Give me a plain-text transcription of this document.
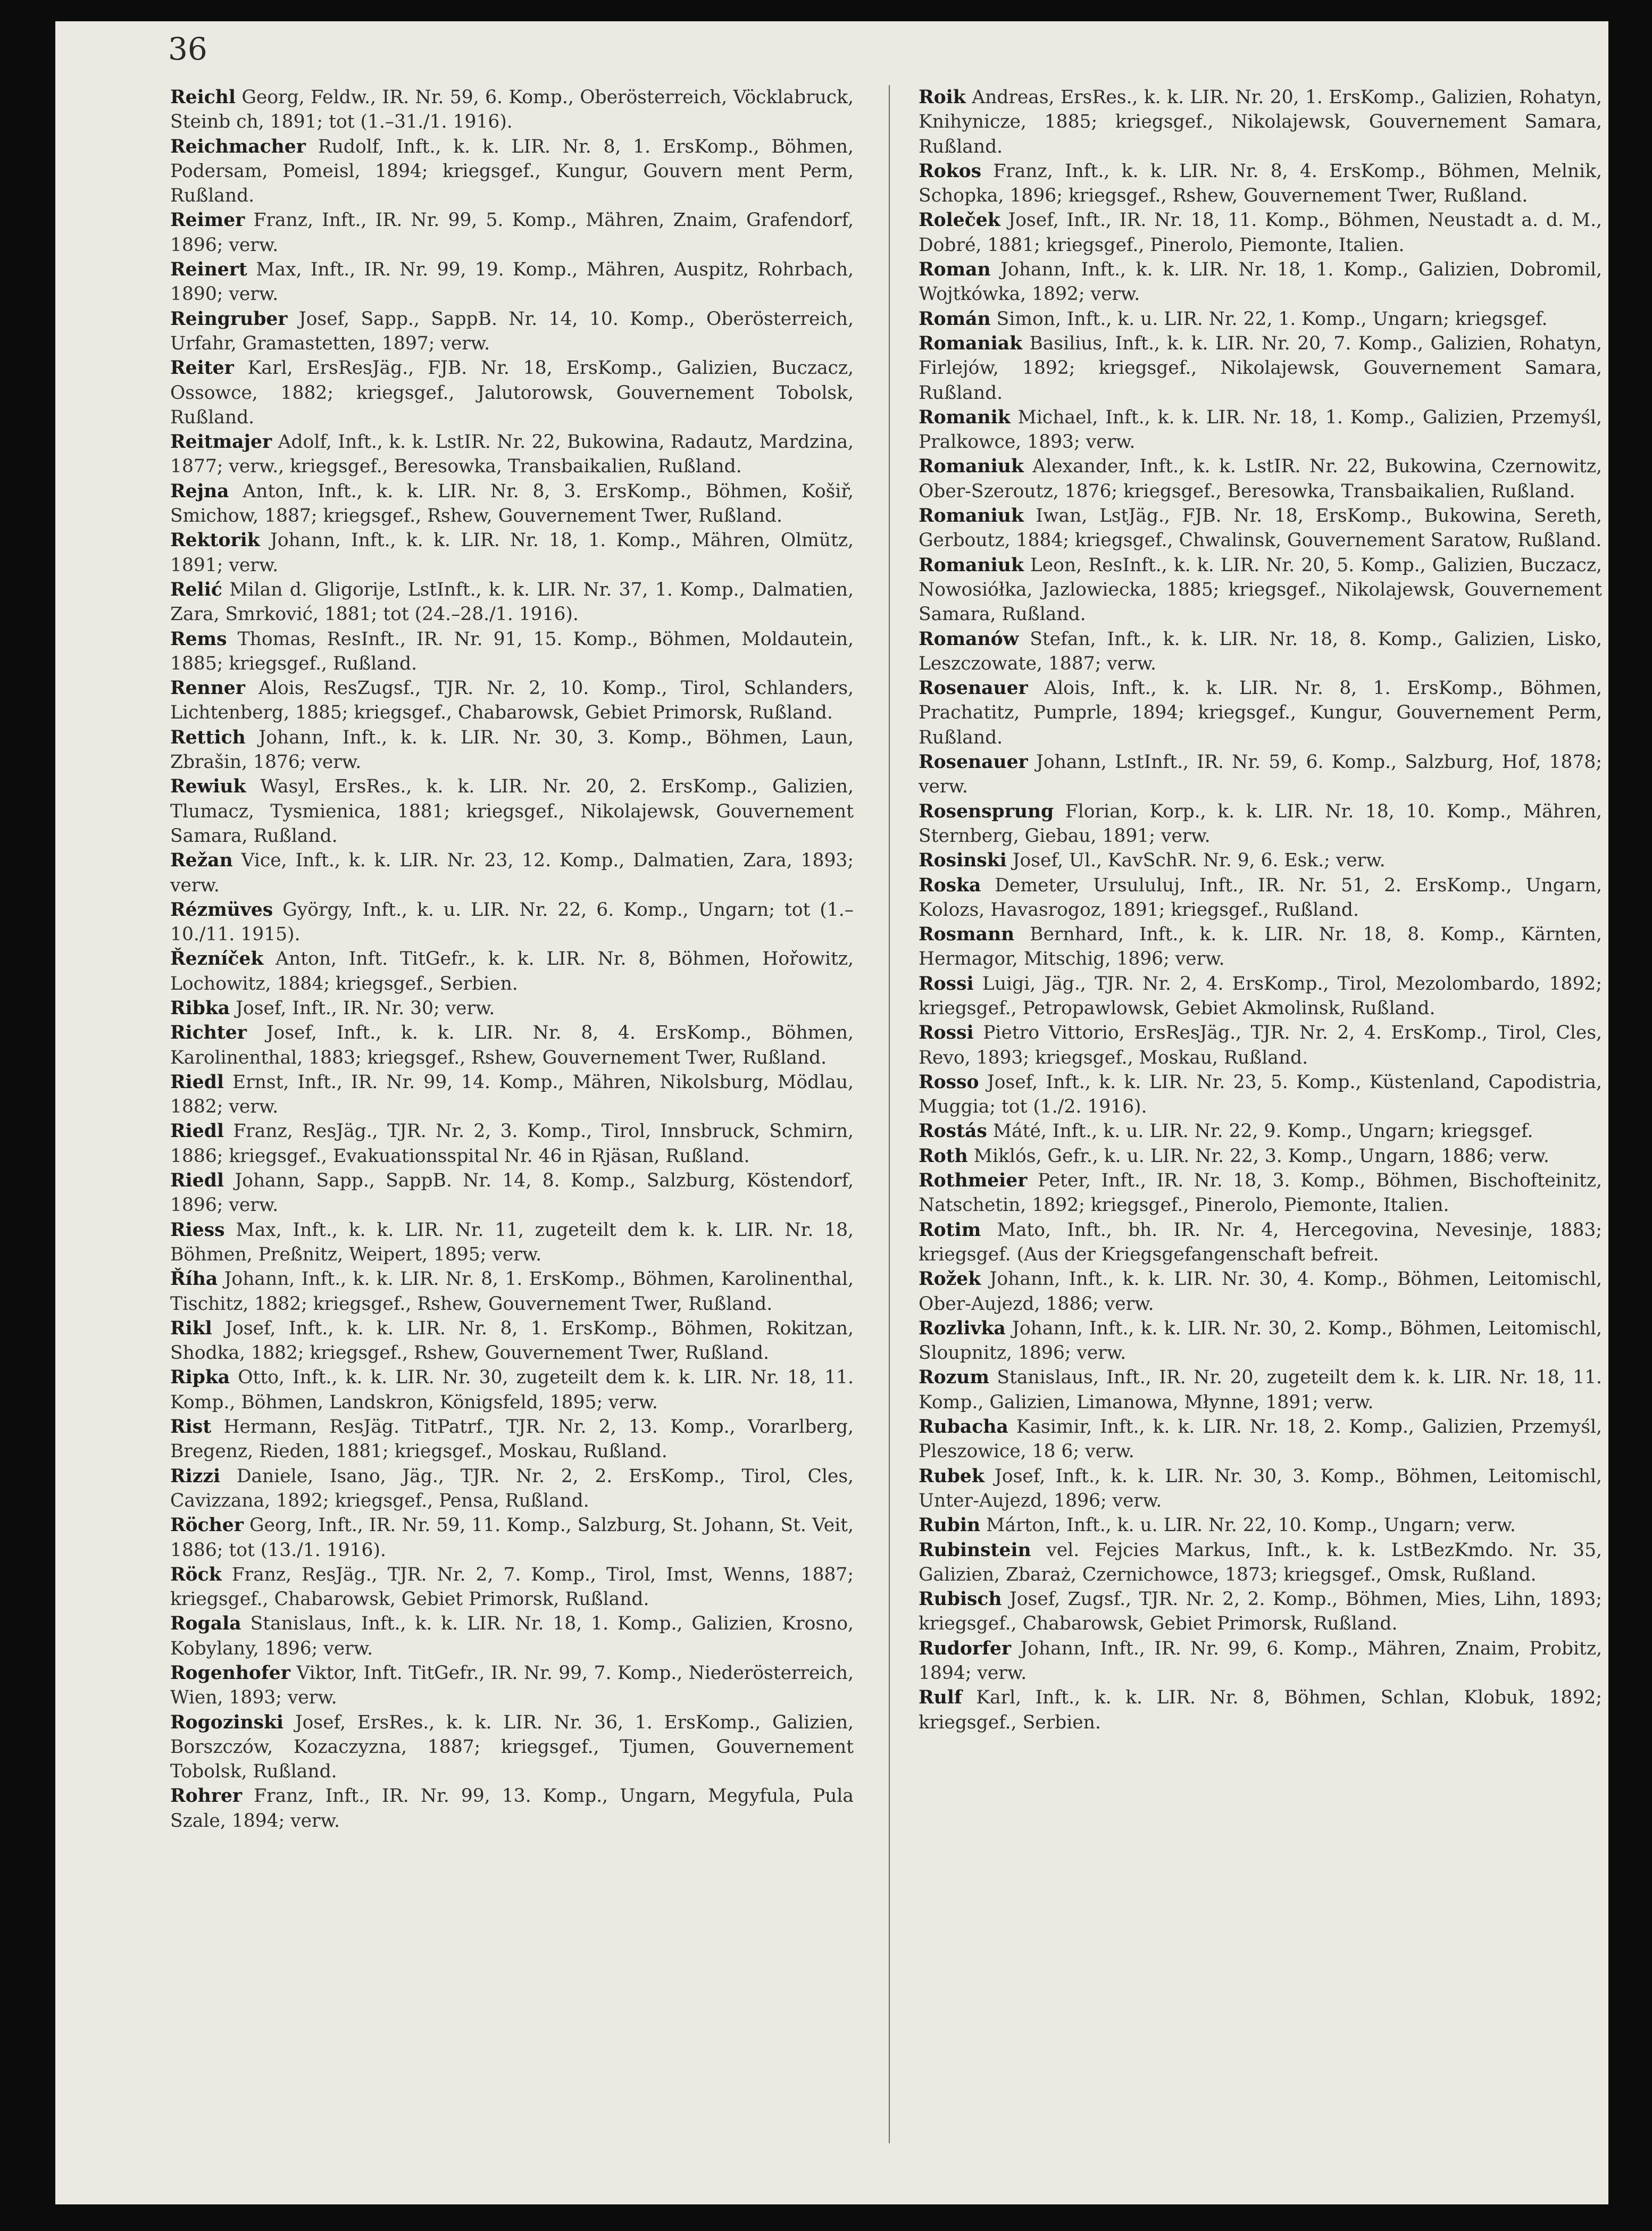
36
Reichl Georg, Feldw., IR. Nr. 59, 6. Komp., Oberösterreich, Vöcklabruck, Steinb ch, 1891; tot (1.–31./1. 1916).
Reichmacher Rudolf, Inft., k. k. LIR. Nr. 8, 1. ErsKomp., Böhmen, Podersam, Pomeisl, 1894; kriegsgef., Kungur, Gouvern ment Perm, Rußland.
Reimer Franz, Inft., IR. Nr. 99, 5. Komp., Mähren, Znaim, Grafendorf, 1896; verw.
Reinert Max, Inft., IR. Nr. 99, 19. Komp., Mähren, Auspitz, Rohrbach, 1890; verw.
Reingruber Josef, Sapp., SappB. Nr. 14, 10. Komp., Oberösterreich, Urfahr, Gramastetten, 1897; verw.
Reiter Karl, ErsResJäg., FJB. Nr. 18, ErsKomp., Galizien, Buczacz, Ossowce, 1882; kriegsgef., Jalutorowsk, Gouvernement Tobolsk, Rußland.
Reitmajer Adolf, Inft., k. k. LstIR. Nr. 22, Bukowina, Radautz, Mardzina, 1877; verw., kriegsgef., Beresowka, Transbaikalien, Rußland.
Rejna Anton, Inft., k. k. LIR. Nr. 8, 3. ErsKomp., Böhmen, Košiř, Smichow, 1887; kriegsgef., Rshew, Gouvernement Twer, Rußland.
Rektorik Johann, Inft., k. k. LIR. Nr. 18, 1. Komp., Mähren, Olmütz, 1891; verw.
Relić Milan d. Gligorije, LstInft., k. k. LIR. Nr. 37, 1. Komp., Dalmatien, Zara, Smrković, 1881; tot (24.–28./1. 1916).
Rems Thomas, ResInft., IR. Nr. 91, 15. Komp., Böhmen, Moldautein, 1885; kriegsgef., Rußland.
Renner Alois, ResZugsf., TJR. Nr. 2, 10. Komp., Tirol, Schlanders, Lichtenberg, 1885; kriegsgef., Chabarowsk, Gebiet Primorsk, Rußland.
Rettich Johann, Inft., k. k. LIR. Nr. 30, 3. Komp., Böhmen, Laun, Zbrašin, 1876; verw.
Rewiuk Wasyl, ErsRes., k. k. LIR. Nr. 20, 2. ErsKomp., Galizien, Tlumacz, Tysmienica, 1881; kriegsgef., Nikolajewsk, Gouvernement Samara, Rußland.
Režan Vice, Inft., k. k. LIR. Nr. 23, 12. Komp., Dalmatien, Zara, 1893; verw.
Rézmüves György, Inft., k. u. LIR. Nr. 22, 6. Komp., Ungarn; tot (1.–10./11. 1915).
Řezníček Anton, Inft. TitGefr., k. k. LIR. Nr. 8, Böhmen, Hořowitz, Lochowitz, 1884; kriegsgef., Serbien.
Ribka Josef, Inft., IR. Nr. 30; verw.
Richter Josef, Inft., k. k. LIR. Nr. 8, 4. ErsKomp., Böhmen, Karolinenthal, 1883; kriegsgef., Rshew, Gouvernement Twer, Rußland.
Riedl Ernst, Inft., IR. Nr. 99, 14. Komp., Mähren, Nikolsburg, Mödlau, 1882; verw.
Riedl Franz, ResJäg., TJR. Nr. 2, 3. Komp., Tirol, Innsbruck, Schmirn, 1886; kriegsgef., Evakuationsspital Nr. 46 in Rjäsan, Rußland.
Riedl Johann, Sapp., SappB. Nr. 14, 8. Komp., Salzburg, Köstendorf, 1896; verw.
Riess Max, Inft., k. k. LIR. Nr. 11, zugeteilt dem k. k. LIR. Nr. 18, Böhmen, Preßnitz, Weipert, 1895; verw.
Říha Johann, Inft., k. k. LIR. Nr. 8, 1. ErsKomp., Böhmen, Karolinenthal, Tischitz, 1882; kriegsgef., Rshew, Gouvernement Twer, Rußland.
Rikl Josef, Inft., k. k. LIR. Nr. 8, 1. ErsKomp., Böhmen, Rokitzan, Shodka, 1882; kriegsgef., Rshew, Gouvernement Twer, Rußland.
Ripka Otto, Inft., k. k. LIR. Nr. 30, zugeteilt dem k. k. LIR. Nr. 18, 11. Komp., Böhmen, Landskron, Königsfeld, 1895; verw.
Rist Hermann, ResJäg. TitPatrf., TJR. Nr. 2, 13. Komp., Vorarlberg, Bregenz, Rieden, 1881; kriegsgef., Moskau, Rußland.
Rizzi Daniele, Isano, Jäg., TJR. Nr. 2, 2. ErsKomp., Tirol, Cles, Cavizzana, 1892; kriegsgef., Pensa, Rußland.
Röcher Georg, Inft., IR. Nr. 59, 11. Komp., Salzburg, St. Johann, St. Veit, 1886; tot (13./1. 1916).
Röck Franz, ResJäg., TJR. Nr. 2, 7. Komp., Tirol, Imst, Wenns, 1887; kriegsgef., Chabarowsk, Gebiet Primorsk, Rußland.
Rogala Stanislaus, Inft., k. k. LIR. Nr. 18, 1. Komp., Galizien, Krosno, Kobylany, 1896; verw.
Rogenhofer Viktor, Inft. TitGefr., IR. Nr. 99, 7. Komp., Niederösterreich, Wien, 1893; verw.
Rogozinski Josef, ErsRes., k. k. LIR. Nr. 36, 1. ErsKomp., Galizien, Borszczów, Kozaczyzna, 1887; kriegsgef., Tjumen, Gouvernement Tobolsk, Rußland.
Rohrer Franz, Inft., IR. Nr. 99, 13. Komp., Ungarn, Megyfula, Pula Szale, 1894; verw.
Roik Andreas, ErsRes., k. k. LIR. Nr. 20, 1. ErsKomp., Galizien, Rohatyn, Knihynicze, 1885; kriegsgef., Nikolajewsk, Gouvernement Samara, Rußland.
Rokos Franz, Inft., k. k. LIR. Nr. 8, 4. ErsKomp., Böhmen, Melnik, Schopka, 1896; kriegsgef., Rshew, Gouvernement Twer, Rußland.
Roleček Josef, Inft., IR. Nr. 18, 11. Komp., Böhmen, Neustadt a. d. M., Dobré, 1881; kriegsgef., Pinerolo, Piemonte, Italien.
Roman Johann, Inft., k. k. LIR. Nr. 18, 1. Komp., Galizien, Dobromil, Wojtkówka, 1892; verw.
Román Simon, Inft., k. u. LIR. Nr. 22, 1. Komp., Ungarn; kriegsgef.
Romaniak Basilius, Inft., k. k. LIR. Nr. 20, 7. Komp., Galizien, Rohatyn, Firlejów, 1892; kriegsgef., Nikolajewsk, Gouvernement Samara, Rußland.
Romanik Michael, Inft., k. k. LIR. Nr. 18, 1. Komp., Galizien, Przemyśl, Pralkowce, 1893; verw.
Romaniuk Alexander, Inft., k. k. LstIR. Nr. 22, Bukowina, Czernowitz, Ober-Szeroutz, 1876; kriegsgef., Beresowka, Transbaikalien, Rußland.
Romaniuk Iwan, LstJäg., FJB. Nr. 18, ErsKomp., Bukowina, Sereth, Gerboutz, 1884; kriegsgef., Chwalinsk, Gouvernement Saratow, Rußland.
Romaniuk Leon, ResInft., k. k. LIR. Nr. 20, 5. Komp., Galizien, Buczacz, Nowosiółka, Jazlowiecka, 1885; kriegsgef., Nikolajewsk, Gouvernement Samara, Rußland.
Romanów Stefan, Inft., k. k. LIR. Nr. 18, 8. Komp., Galizien, Lisko, Leszczowate, 1887; verw.
Rosenauer Alois, Inft., k. k. LIR. Nr. 8, 1. ErsKomp., Böhmen, Prachatitz, Pumprle, 1894; kriegsgef., Kungur, Gouvernement Perm, Rußland.
Rosenauer Johann, LstInft., IR. Nr. 59, 6. Komp., Salzburg, Hof, 1878; verw.
Rosensprung Florian, Korp., k. k. LIR. Nr. 18, 10. Komp., Mähren, Sternberg, Giebau, 1891; verw.
Rosinski Josef, Ul., KavSchR. Nr. 9, 6. Esk.; verw.
Roska Demeter, Ursululuj, Inft., IR. Nr. 51, 2. ErsKomp., Ungarn, Kolozs, Havasrogoz, 1891; kriegsgef., Rußland.
Rosmann Bernhard, Inft., k. k. LIR. Nr. 18, 8. Komp., Kärnten, Hermagor, Mitschig, 1896; verw.
Rossi Luigi, Jäg., TJR. Nr. 2, 4. ErsKomp., Tirol, Mezolombardo, 1892; kriegsgef., Petropawlowsk, Gebiet Akmolinsk, Rußland.
Rossi Pietro Vittorio, ErsResJäg., TJR. Nr. 2, 4. ErsKomp., Tirol, Cles, Revo, 1893; kriegsgef., Moskau, Rußland.
Rosso Josef, Inft., k. k. LIR. Nr. 23, 5. Komp., Küstenland, Capodistria, Muggia; tot (1./2. 1916).
Rostás Máté, Inft., k. u. LIR. Nr. 22, 9. Komp., Ungarn; kriegsgef.
Roth Miklós, Gefr., k. u. LIR. Nr. 22, 3. Komp., Ungarn, 1886; verw.
Rothmeier Peter, Inft., IR. Nr. 18, 3. Komp., Böhmen, Bischofteinitz, Natschetin, 1892; kriegsgef., Pinerolo, Piemonte, Italien.
Rotim Mato, Inft., bh. IR. Nr. 4, Hercegovina, Nevesinje, 1883; kriegsgef. (Aus der Kriegsgefangenschaft befreit.
Rožek Johann, Inft., k. k. LIR. Nr. 30, 4. Komp., Böhmen, Leitomischl, Ober-Aujezd, 1886; verw.
Rozlivka Johann, Inft., k. k. LIR. Nr. 30, 2. Komp., Böhmen, Leitomischl, Sloupnitz, 1896; verw.
Rozum Stanislaus, Inft., IR. Nr. 20, zugeteilt dem k. k. LIR. Nr. 18, 11. Komp., Galizien, Limanowa, Młynne, 1891; verw.
Rubacha Kasimir, Inft., k. k. LIR. Nr. 18, 2. Komp., Galizien, Przemyśl, Pleszowice, 18 6; verw.
Rubek Josef, Inft., k. k. LIR. Nr. 30, 3. Komp., Böhmen, Leitomischl, Unter-Aujezd, 1896; verw.
Rubin Márton, Inft., k. u. LIR. Nr. 22, 10. Komp., Ungarn; verw.
Rubinstein vel. Fejcies Markus, Inft., k. k. LstBezKmdo. Nr. 35, Galizien, Zbaraż, Czernichowce, 1873; kriegsgef., Omsk, Rußland.
Rubisch Josef, Zugsf., TJR. Nr. 2, 2. Komp., Böhmen, Mies, Lihn, 1893; kriegsgef., Chabarowsk, Gebiet Primorsk, Rußland.
Rudorfer Johann, Inft., IR. Nr. 99, 6. Komp., Mähren, Znaim, Probitz, 1894; verw.
Rulf Karl, Inft., k. k. LIR. Nr. 8, Böhmen, Schlan, Klobuk, 1892; kriegsgef., Serbien.
